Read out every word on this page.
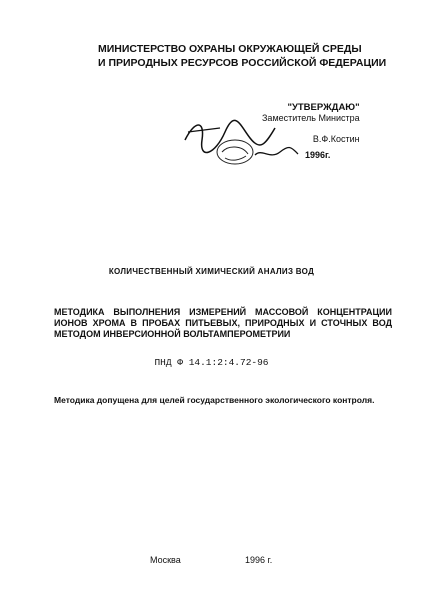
МИНИСТЕРСТВО ОХРАНЫ ОКРУЖАЮЩЕЙ СРЕДЫ
И ПРИРОДНЫХ РЕСУРСОВ РОССИЙСКОЙ ФЕДЕРАЦИИ
"УТВЕРЖДАЮ"
Заместитель Министра
В.Ф.Костин
1996г.
КОЛИЧЕСТВЕННЫЙ ХИМИЧЕСКИЙ АНАЛИЗ ВОД
МЕТОДИКА ВЫПОЛНЕНИЯ ИЗМЕРЕНИЙ МАССОВОЙ КОНЦЕНТРАЦИИ ИОНОВ ХРОМА В ПРОБАХ ПИТЬЕВЫХ, ПРИРОДНЫХ И СТОЧНЫХ ВОД МЕТОДОМ ИНВЕРСИОННОЙ ВОЛЬТАМПЕРОМЕТРИИ
ПНД Ф 14.1:2:4.72-96
Методика допущена для целей государственного экологического контроля.
Москва	1996 г.
